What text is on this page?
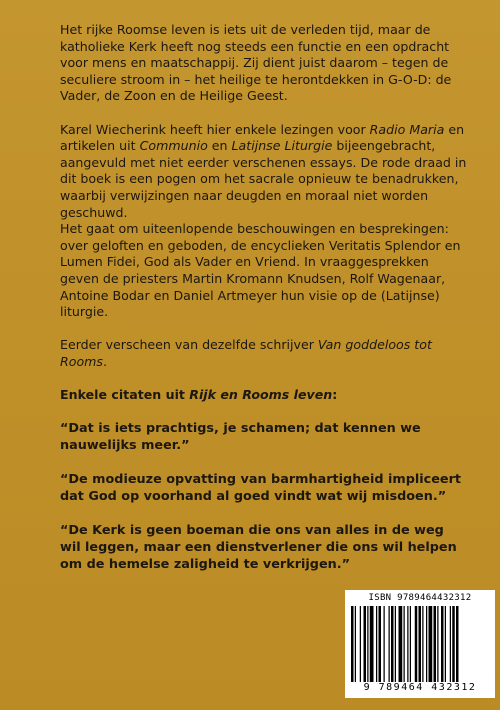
Het rijke Roomse leven is iets uit de verleden tijd, maar de katholieke Kerk heeft nog steeds een functie en een opdracht voor mens en maatschappij. Zij dient juist daarom – tegen de seculiere stroom in – het heilige te herontdekken in G-O-D: de Vader, de Zoon en de Heilige Geest.

Karel Wiecherink heeft hier enkele lezingen voor Radio Maria en artikelen uit Communio en Latijnse Liturgie bijeengebracht, aangevuld met niet eerder verschenen essays. De rode draad in dit boek is een pogen om het sacrale opnieuw te benadrukken, waarbij verwijzingen naar deugden en moraal niet worden geschuwd.

Het gaat om uiteenlopende beschouwingen en besprekingen: over geloften en geboden, de encyclieken Veritatis Splendor en Lumen Fidei, God als Vader en Vriend. In vraaggesprekken geven de priesters Martin Kromann Knudsen, Rolf Wagenaar, Antoine Bodar en Daniel Artmeyer hun visie op de (Latijnse) liturgie.

Eerder verscheen van dezelfde schrijver Van goddeloos tot Rooms.

Enkele citaten uit Rijk en Rooms leven:

“Dat is iets prachtigs, je schamen; dat kennen we nauwelijks meer.”

“De modieuze opvatting van barmhartigheid impliceert dat God op voorhand al goed vindt wat wij misdoen.”

“De Kerk is geen boeman die ons van alles in de weg wil leggen, maar een dienstverlener die ons wil helpen om de hemelse zaligheid te verkrijgen.”

ISBN 9789464432312
9 789464 432312
